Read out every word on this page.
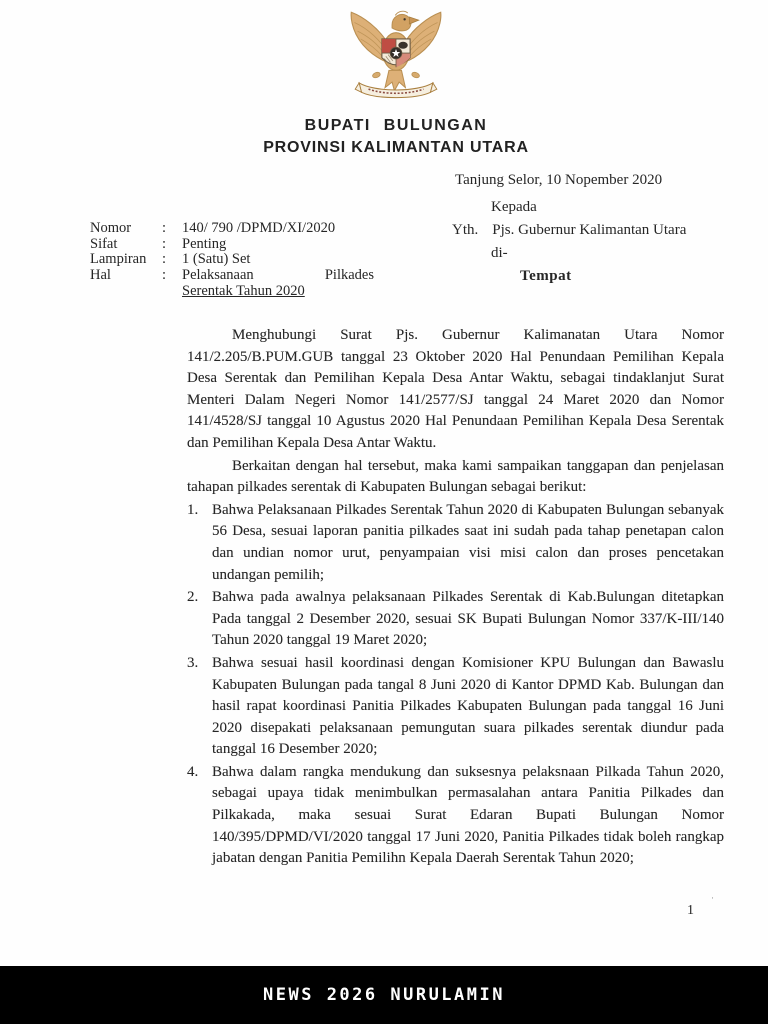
BUPATI BULUNGAN
PROVINSI KALIMANTAN UTARA
Tanjung Selor, 10 Nopember 2020
Kepada
Yth. Pjs. Gubernur Kalimantan Utara
di-
Tempat
Nomor	:	140/ 790 /DPMD/XI/2020
Sifat	:	Penting
Lampiran	:	1 (Satu) Set
Hal	:	Pelaksanaan Pilkades
Serentak Tahun 2020

Menghubungi Surat Pjs. Gubernur Kalimanatan Utara Nomor 141/2.205/B.PUM.GUB tanggal 23 Oktober 2020 Hal Penundaan Pemilihan Kepala Desa Serentak dan Pemilihan Kepala Desa Antar Waktu, sebagai tindaklanjut Surat Menteri Dalam Negeri Nomor 141/2577/SJ tanggal 24 Maret 2020 dan Nomor 141/4528/SJ tanggal 10 Agustus 2020 Hal Penundaan Pemilihan Kepala Desa Serentak dan Pemilihan Kepala Desa Antar Waktu.

Berkaitan dengan hal tersebut, maka kami sampaikan tanggapan dan penjelasan tahapan pilkades serentak di Kabupaten Bulungan sebagai berikut:

1. Bahwa Pelaksanaan Pilkades Serentak Tahun 2020 di Kabupaten Bulungan sebanyak 56 Desa, sesuai laporan panitia pilkades saat ini sudah pada tahap penetapan calon dan undian nomor urut, penyampaian visi misi calon dan proses pencetakan undangan pemilih;
2. Bahwa pada awalnya pelaksanaan Pilkades Serentak di Kab.Bulungan ditetapkan Pada tanggal 2 Desember 2020, sesuai SK Bupati Bulungan Nomor 337/K-III/140 Tahun 2020 tanggal 19 Maret 2020;
3. Bahwa sesuai hasil koordinasi dengan Komisioner KPU Bulungan dan Bawaslu Kabupaten Bulungan pada tangal 8 Juni 2020 di Kantor DPMD Kab. Bulungan dan hasil rapat koordinasi Panitia Pilkades Kabupaten Bulungan pada tanggal 16 Juni 2020 disepakati pelaksanaan pemungutan suara pilkades serentak diundur pada tanggal 16 Desember 2020;
4. Bahwa dalam rangka mendukung dan suksesnya pelaksnaan Pilkada Tahun 2020, sebagai upaya tidak menimbulkan permasalahan antara Panitia Pilkades dan Pilkakada, maka sesuai Surat Edaran Bupati Bulungan Nomor 140/395/DPMD/VI/2020 tanggal 17 Juni 2020, Panitia Pilkades tidak boleh rangkap jabatan dengan Panitia Pemilihn Kepala Daerah Serentak Tahun 2020;
·
1
NEWS 2026 NURULAMIN
